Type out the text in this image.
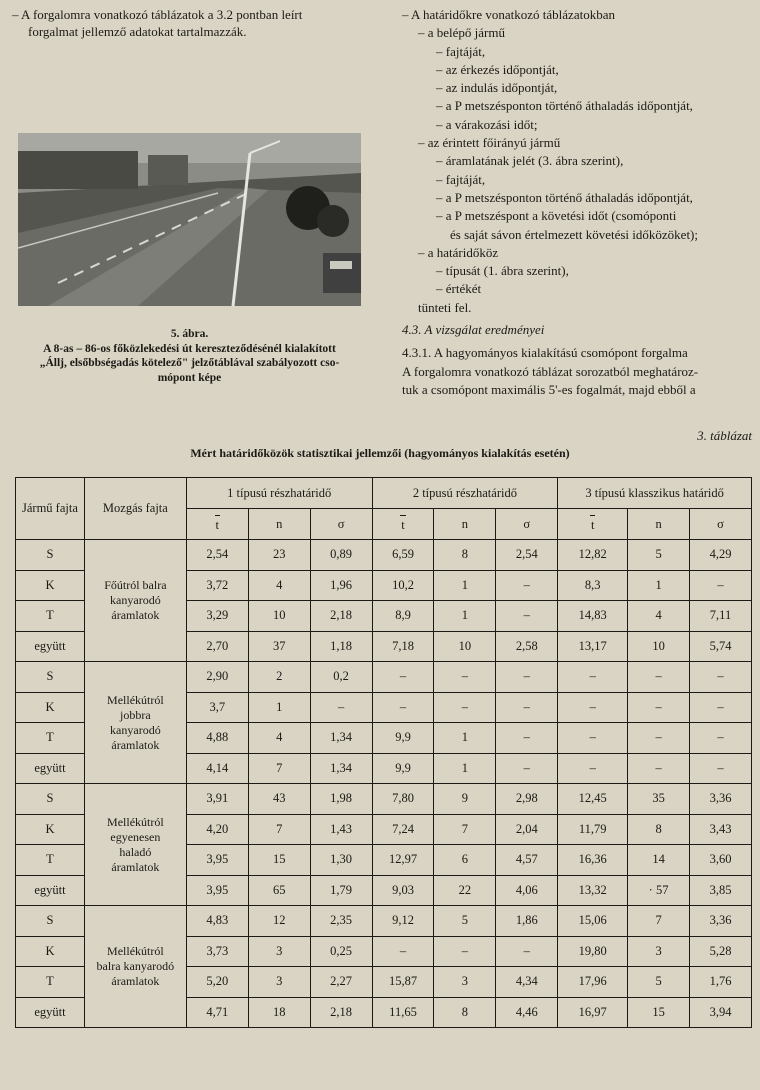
– A forgalomra vonatkozó táblázatok a 3.2 pontban leírt
forgalmat jellemző adatokat tartalmazzák.
5. ábra.
A 8-as – 86-os főközlekedési út kereszteződésénél kialakított
„Állj, elsőbbségadás kötelező" jelzőtáblával szabályozott cso-
mópont képe
– A határidőkre vonatkozó táblázatokban
– a belépő jármű
– fajtáját,
– az érkezés időpontját,
– az indulás időpontját,
– a P metszésponton történő áthaladás időpontját,
– a várakozási időt;
– az érintett főirányú jármű
– áramlatának jelét (3. ábra szerint),
– fajtáját,
– a P metszésponton történő áthaladás időpontját,
– a P metszéspont a követési időt (csomóponti
és saját sávon értelmezett követési időközöket);
– a határidőköz
– típusát (1. ábra szerint),
– értékét
tünteti fel.
4.3. A vizsgálat eredményei
4.3.1. A hagyományos kialakítású csomópont forgalma
A forgalomra vonatkozó táblázat sorozatból meghatároz-
tuk a csomópont maximális 5'-es fogalmát, majd ebből a
3. táblázat
Mért határidőközök statisztikai jellemzői (hagyományos kialakítás esetén)
Jármű fajta	Mozgás fajta	1 típusú részhatáridő			2 típusú részhatáridő			3 típusú klasszikus határidő		
		t	n	σ	t	n	σ	t	n	σ
S	Főútról balra kanyarodó áramlatok	2,54	23	0,89	6,59	8	2,54	12,82	5	4,29
K		3,72	4	1,96	10,2	1	–	8,3	1	–
T		3,29	10	2,18	8,9	1	–	14,83	4	7,11
együtt		2,70	37	1,18	7,18	10	2,58	13,17	10	5,74
S	Mellékútról jobbra kanyarodó áramlatok	2,90	2	0,2	–	–	–	–	–	–
K		3,7	1	–	–	–	–	–	–	–
T		4,88	4	1,34	9,9	1	–	–	–	–
együtt		4,14	7	1,34	9,9	1	–	–	–	–
S	Mellékútról egyenesen haladó áramlatok	3,91	43	1,98	7,80	9	2,98	12,45	35	3,36
K		4,20	7	1,43	7,24	7	2,04	11,79	8	3,43
T		3,95	15	1,30	12,97	6	4,57	16,36	14	3,60
együtt		3,95	65	1,79	9,03	22	4,06	13,32	· 57	3,85
S	Mellékútról balra kanyarodó áramlatok	4,83	12	2,35	9,12	5	1,86	15,06	7	3,36
K		3,73	3	0,25	–	–	–	19,80	3	5,28
T		5,20	3	2,27	15,87	3	4,34	17,96	5	1,76
együtt		4,71	18	2,18	11,65	8	4,46	16,97	15	3,94
